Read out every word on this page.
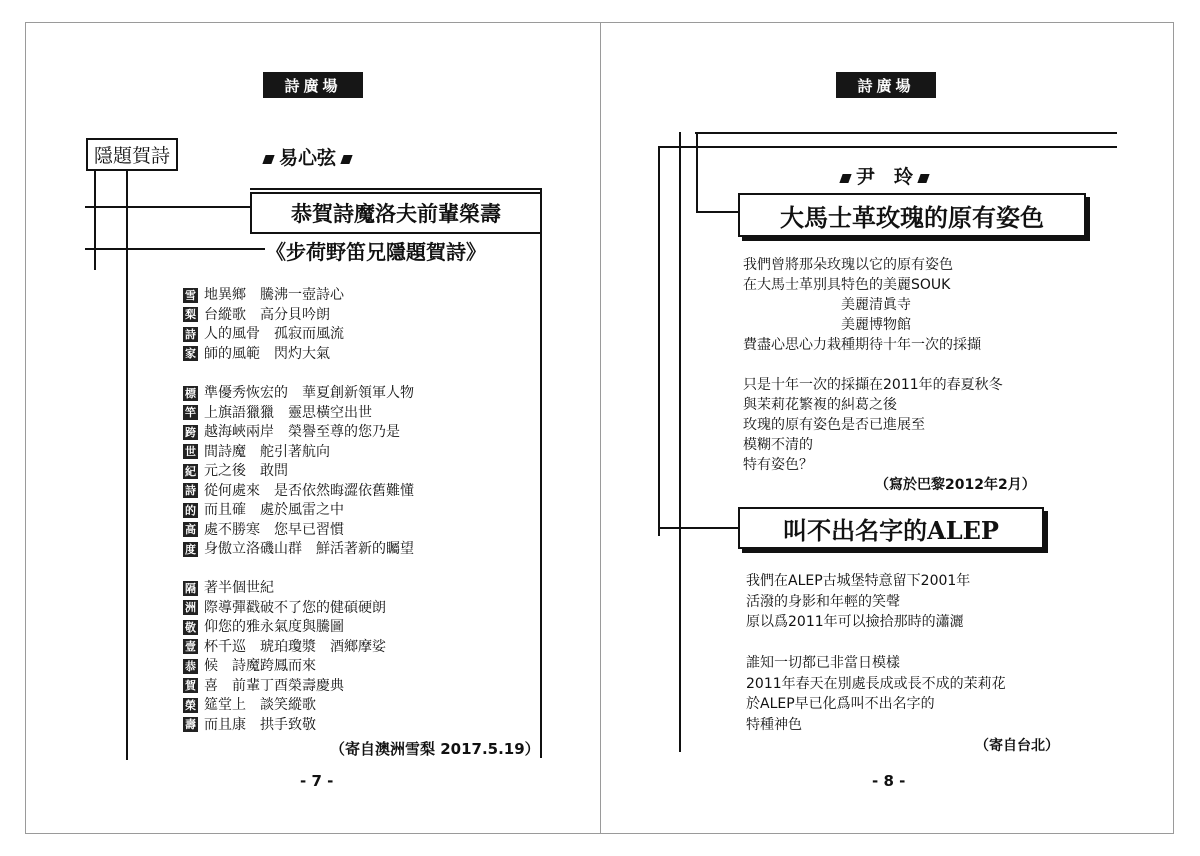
詩廣場
隱題賀詩	易心弦
恭賀詩魔洛夫前輩榮壽
《步荷野笛兄隱題賀詩》
雪 地異鄉　騰沸一壺詩心
梨 台縱歌　高分貝吟朗
詩 人的風骨　孤寂而風流
家 師的風範　閃灼大氣
標 準優秀恢宏的　華夏創新領軍人物
竿 上旗語獵獵　靈思橫空出世
跨 越海峽兩岸　榮譽至尊的您乃是
世 間詩魔　舵引著航向
紀 元之後　敢問
詩 從何處來　是否依然晦澀依舊難懂
的 而且確　處於風雷之中
高 處不勝寒　您早已習慣
度 身傲立洛磯山群　鮮活著新的矚望
隔 著半個世紀
洲 際導彈戳破不了您的健碩硬朗
敬 仰您的雅永氣度與騰圖
壹 杯千巡　琥珀瓊漿　酒鄉摩娑
恭 候　詩魔跨鳳而來
賀 喜　前輩丁酉榮壽慶典
榮 筵堂上　談笑縱歌
壽 而且康　拱手致敬
（寄自澳洲雪梨 2017.5.19）
- 7 -
詩廣場
尹　玲
大馬士革玫瑰的原有姿色
我們曾將那朵玫瑰以它的原有姿色
在大馬士革別具特色的美麗SOUK
　　　　　　　美麗清眞寺
　　　　　　　美麗博物館
費盡心思心力栽種期待十年一次的採擷
只是十年一次的採擷在2011年的春夏秋冬
與茉莉花繁複的糾葛之後
玫瑰的原有姿色是否已進展至
模糊不清的
特有姿色？
（寫於巴黎2012年2月）
叫不出名字的ALEP
我們在ALEP古城堡特意留下2001年
活潑的身影和年輕的笑聲
原以爲2011年可以撿拾那時的瀟灑
誰知一切都已非當日模樣
2011年春天在別處長成或長不成的茉莉花
於ALEP早已化爲叫不出名字的
特種神色
（寄自台北）
- 8 -
